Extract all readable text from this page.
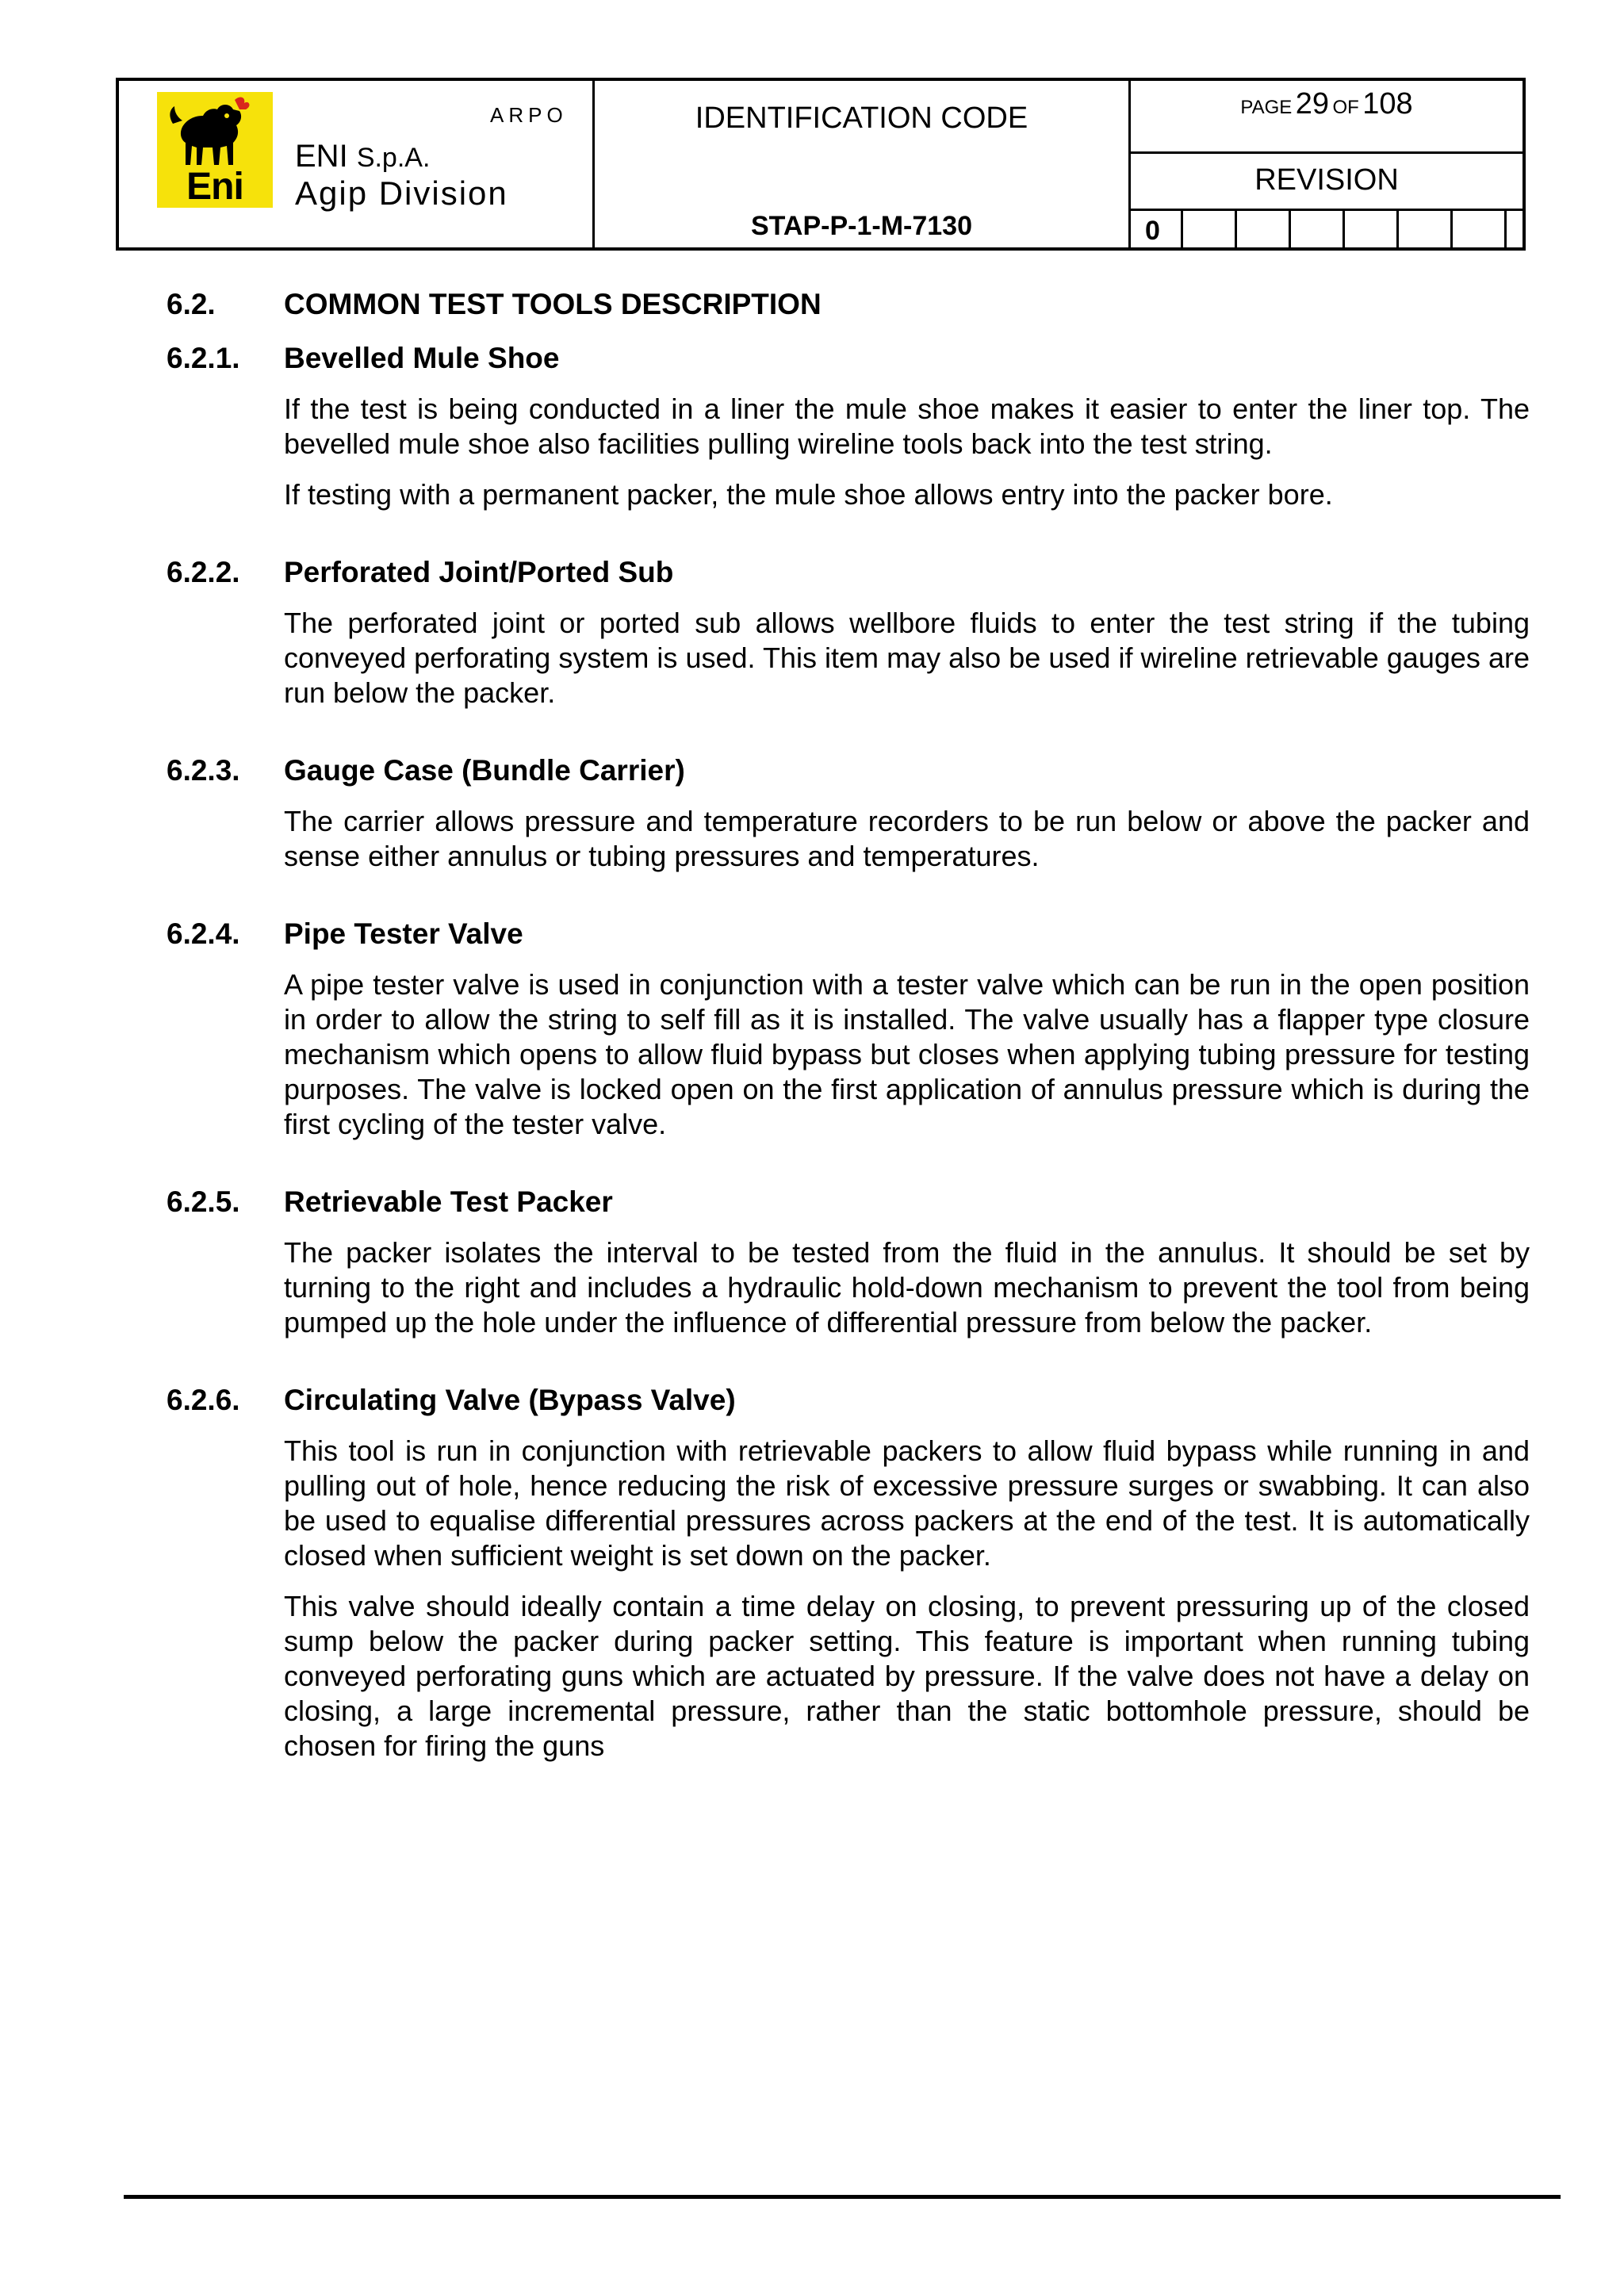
Eni
ARPO
ENI S.p.A.
Agip Division
IDENTIFICATION CODE
STAP-P-1-M-7130
PAGE 29 OF 108
REVISION
0
6.2. COMMON TEST TOOLS DESCRIPTION
6.2.1. Bevelled Mule Shoe

If the test is being conducted in a liner the mule shoe makes it easier to enter the liner top. The bevelled mule shoe also facilities pulling wireline tools back into the test string.

If testing with a permanent packer, the mule shoe allows entry into the packer bore.

6.2.2. Perforated Joint/Ported Sub

The perforated joint or ported sub allows wellbore fluids to enter the test string if the tubing conveyed perforating system is used. This item may also be used if wireline retrievable gauges are run below the packer.

6.2.3. Gauge Case (Bundle Carrier)

The carrier allows pressure and temperature recorders to be run below or above the packer and sense either annulus or tubing pressures and temperatures.

6.2.4. Pipe Tester Valve

A pipe tester valve is used in conjunction with a tester valve which can be run in the open position in order to allow the string to self fill as it is installed. The valve usually has a flapper type closure mechanism which opens to allow fluid bypass but closes when applying tubing pressure for testing purposes. The valve is locked open on the first application of annulus pressure which is during the first cycling of the tester valve.

6.2.5. Retrievable Test Packer

The packer isolates the interval to be tested from the fluid in the annulus. It should be set by turning to the right and includes a hydraulic hold-down mechanism to prevent the tool from being pumped up the hole under the influence of differential pressure from below the packer.

6.2.6. Circulating Valve (Bypass Valve)

This tool is run in conjunction with retrievable packers to allow fluid bypass while running in and pulling out of hole, hence reducing the risk of excessive pressure surges or swabbing. It can also be used to equalise differential pressures across packers at the end of the test. It is automatically closed when sufficient weight is set down on the packer.

This valve should ideally contain a time delay on closing, to prevent pressuring up of the closed sump below the packer during packer setting. This feature is important when running tubing conveyed perforating guns which are actuated by pressure. If the valve does not have a delay on closing, a large incremental pressure, rather than the static bottomhole pressure, should be chosen for firing the guns
